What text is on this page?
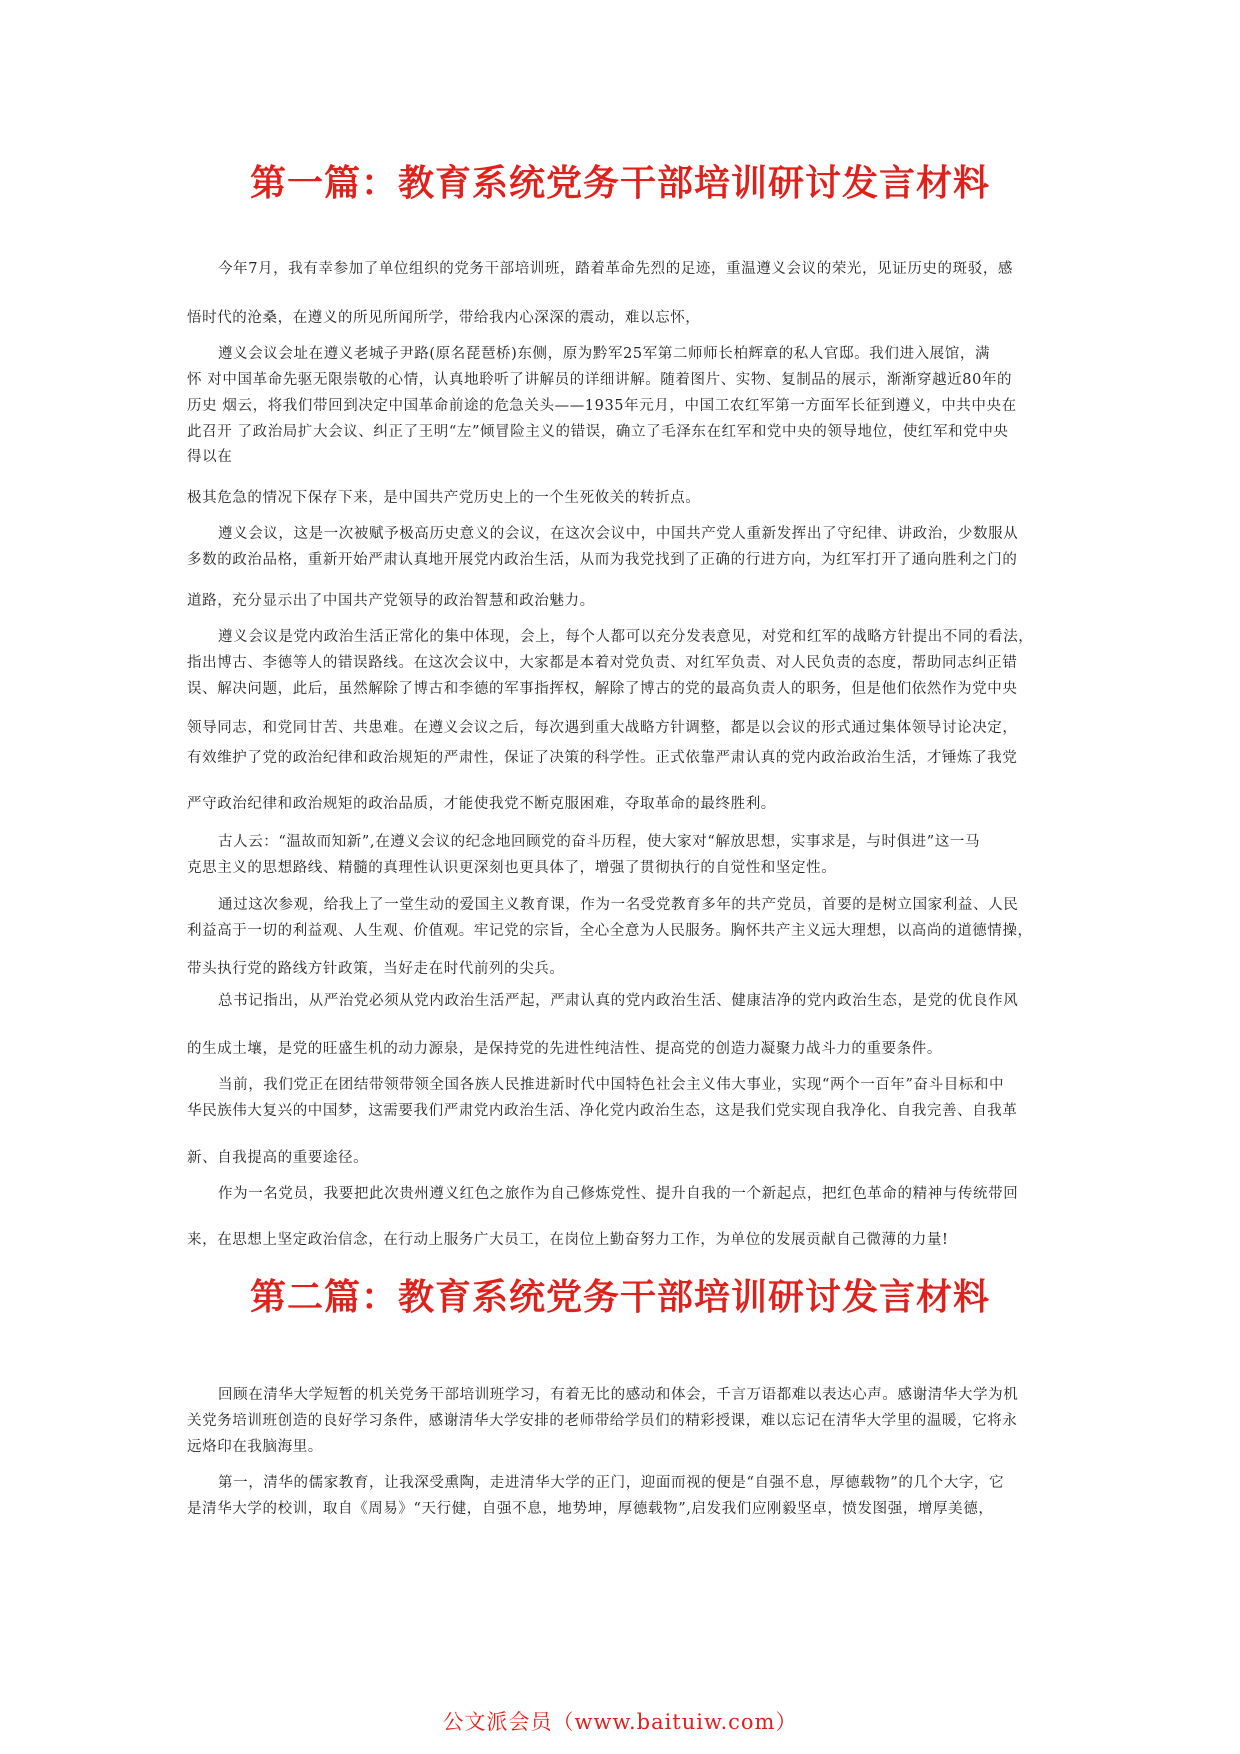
第一篇：教育系统党务干部培训研讨发言材料
今年7月，我有幸参加了单位组织的党务干部培训班，踏着革命先烈的足迹，重温遵义会议的荣光，见证历史的斑驳，感
悟时代的沧桑，在遵义的所见所闻所学，带给我内心深深的震动，难以忘怀，
遵义会议会址在遵义老城子尹路(原名琵琶桥)东侧，原为黔军25军第二师师长柏辉章的私人官邸。我们进入展馆，满
怀 对中国革命先驱无限崇敬的心情，认真地聆听了讲解员的详细讲解。随着图片、实物、复制品的展示，渐渐穿越近80年的
历史 烟云，将我们带回到决定中国革命前途的危急关头——1935年元月，中国工农红军第一方面军长征到遵义，中共中央在
此召开 了政治局扩大会议、纠正了王明“左”倾冒险主义的错误，确立了毛泽东在红军和党中央的领导地位，使红军和党中央
得以在
极其危急的情况下保存下来，是中国共产党历史上的一个生死攸关的转折点。
遵义会议，这是一次被赋予极高历史意义的会议，在这次会议中，中国共产党人重新发挥出了守纪律、讲政治，少数服从
多数的政治品格，重新开始严肃认真地开展党内政治生活，从而为我党找到了正确的行进方向，为红军打开了通向胜利之门的
道路，充分显示出了中国共产党领导的政治智慧和政治魅力。
遵义会议是党内政治生活正常化的集中体现，会上，每个人都可以充分发表意见，对党和红军的战略方针提出不同的看法，
指出博古、李德等人的错误路线。在这次会议中，大家都是本着对党负责、对红军负责、对人民负责的态度，帮助同志纠正错
误、解决问题，此后，虽然解除了博古和李德的军事指挥权，解除了博古的党的最高负责人的职务，但是他们依然作为党中央
领导同志，和党同甘苦、共患难。在遵义会议之后，每次遇到重大战略方针调整，都是以会议的形式通过集体领导讨论决定，
有效维护了党的政治纪律和政治规矩的严肃性，保证了决策的科学性。正式依靠严肃认真的党内政治政治生活，才锤炼了我党
严守政治纪律和政治规矩的政治品质，才能使我党不断克服困难，夺取革命的最终胜利。
古人云：“温故而知新”,在遵义会议的纪念地回顾党的奋斗历程，使大家对“解放思想，实事求是，与时俱进”这一马
克思主义的思想路线、精髓的真理性认识更深刻也更具体了，增强了贯彻执行的自觉性和坚定性。
通过这次参观，给我上了一堂生动的爱国主义教育课，作为一名受党教育多年的共产党员，首要的是树立国家利益、人民
利益高于一切的利益观、人生观、价值观。牢记党的宗旨，全心全意为人民服务。胸怀共产主义远大理想，以高尚的道德情操，
带头执行党的路线方针政策，当好走在时代前列的尖兵。
总书记指出，从严治党必须从党内政治生活严起，严肃认真的党内政治生活、健康洁净的党内政治生态，是党的优良作风
的生成土壤，是党的旺盛生机的动力源泉，是保持党的先进性纯洁性、提高党的创造力凝聚力战斗力的重要条件。
当前，我们党正在团结带领带领全国各族人民推进新时代中国特色社会主义伟大事业，实现“两个一百年”奋斗目标和中
华民族伟大复兴的中国梦，这需要我们严肃党内政治生活、净化党内政治生态，这是我们党实现自我净化、自我完善、自我革
新、自我提高的重要途径。
作为一名党员，我要把此次贵州遵义红色之旅作为自己修炼党性、提升自我的一个新起点，把红色革命的精神与传统带回
来，在思想上坚定政治信念，在行动上服务广大员工，在岗位上勤奋努力工作，为单位的发展贡献自己微薄的力量!
第二篇：教育系统党务干部培训研讨发言材料
回顾在清华大学短暂的机关党务干部培训班学习，有着无比的感动和体会，千言万语都难以表达心声。感谢清华大学为机
关党务培训班创造的良好学习条件，感谢清华大学安排的老师带给学员们的精彩授课，难以忘记在清华大学里的温暖，它将永
远烙印在我脑海里。
第一，清华的儒家教育，让我深受熏陶，走进清华大学的正门，迎面而视的便是“自强不息，厚德载物”的几个大字，它
是清华大学的校训，取自《周易》“天行健，自强不息，地势坤，厚德载物”,启发我们应刚毅坚卓，愤发图强，增厚美德，
公文派会员（www.baituiw.com）
